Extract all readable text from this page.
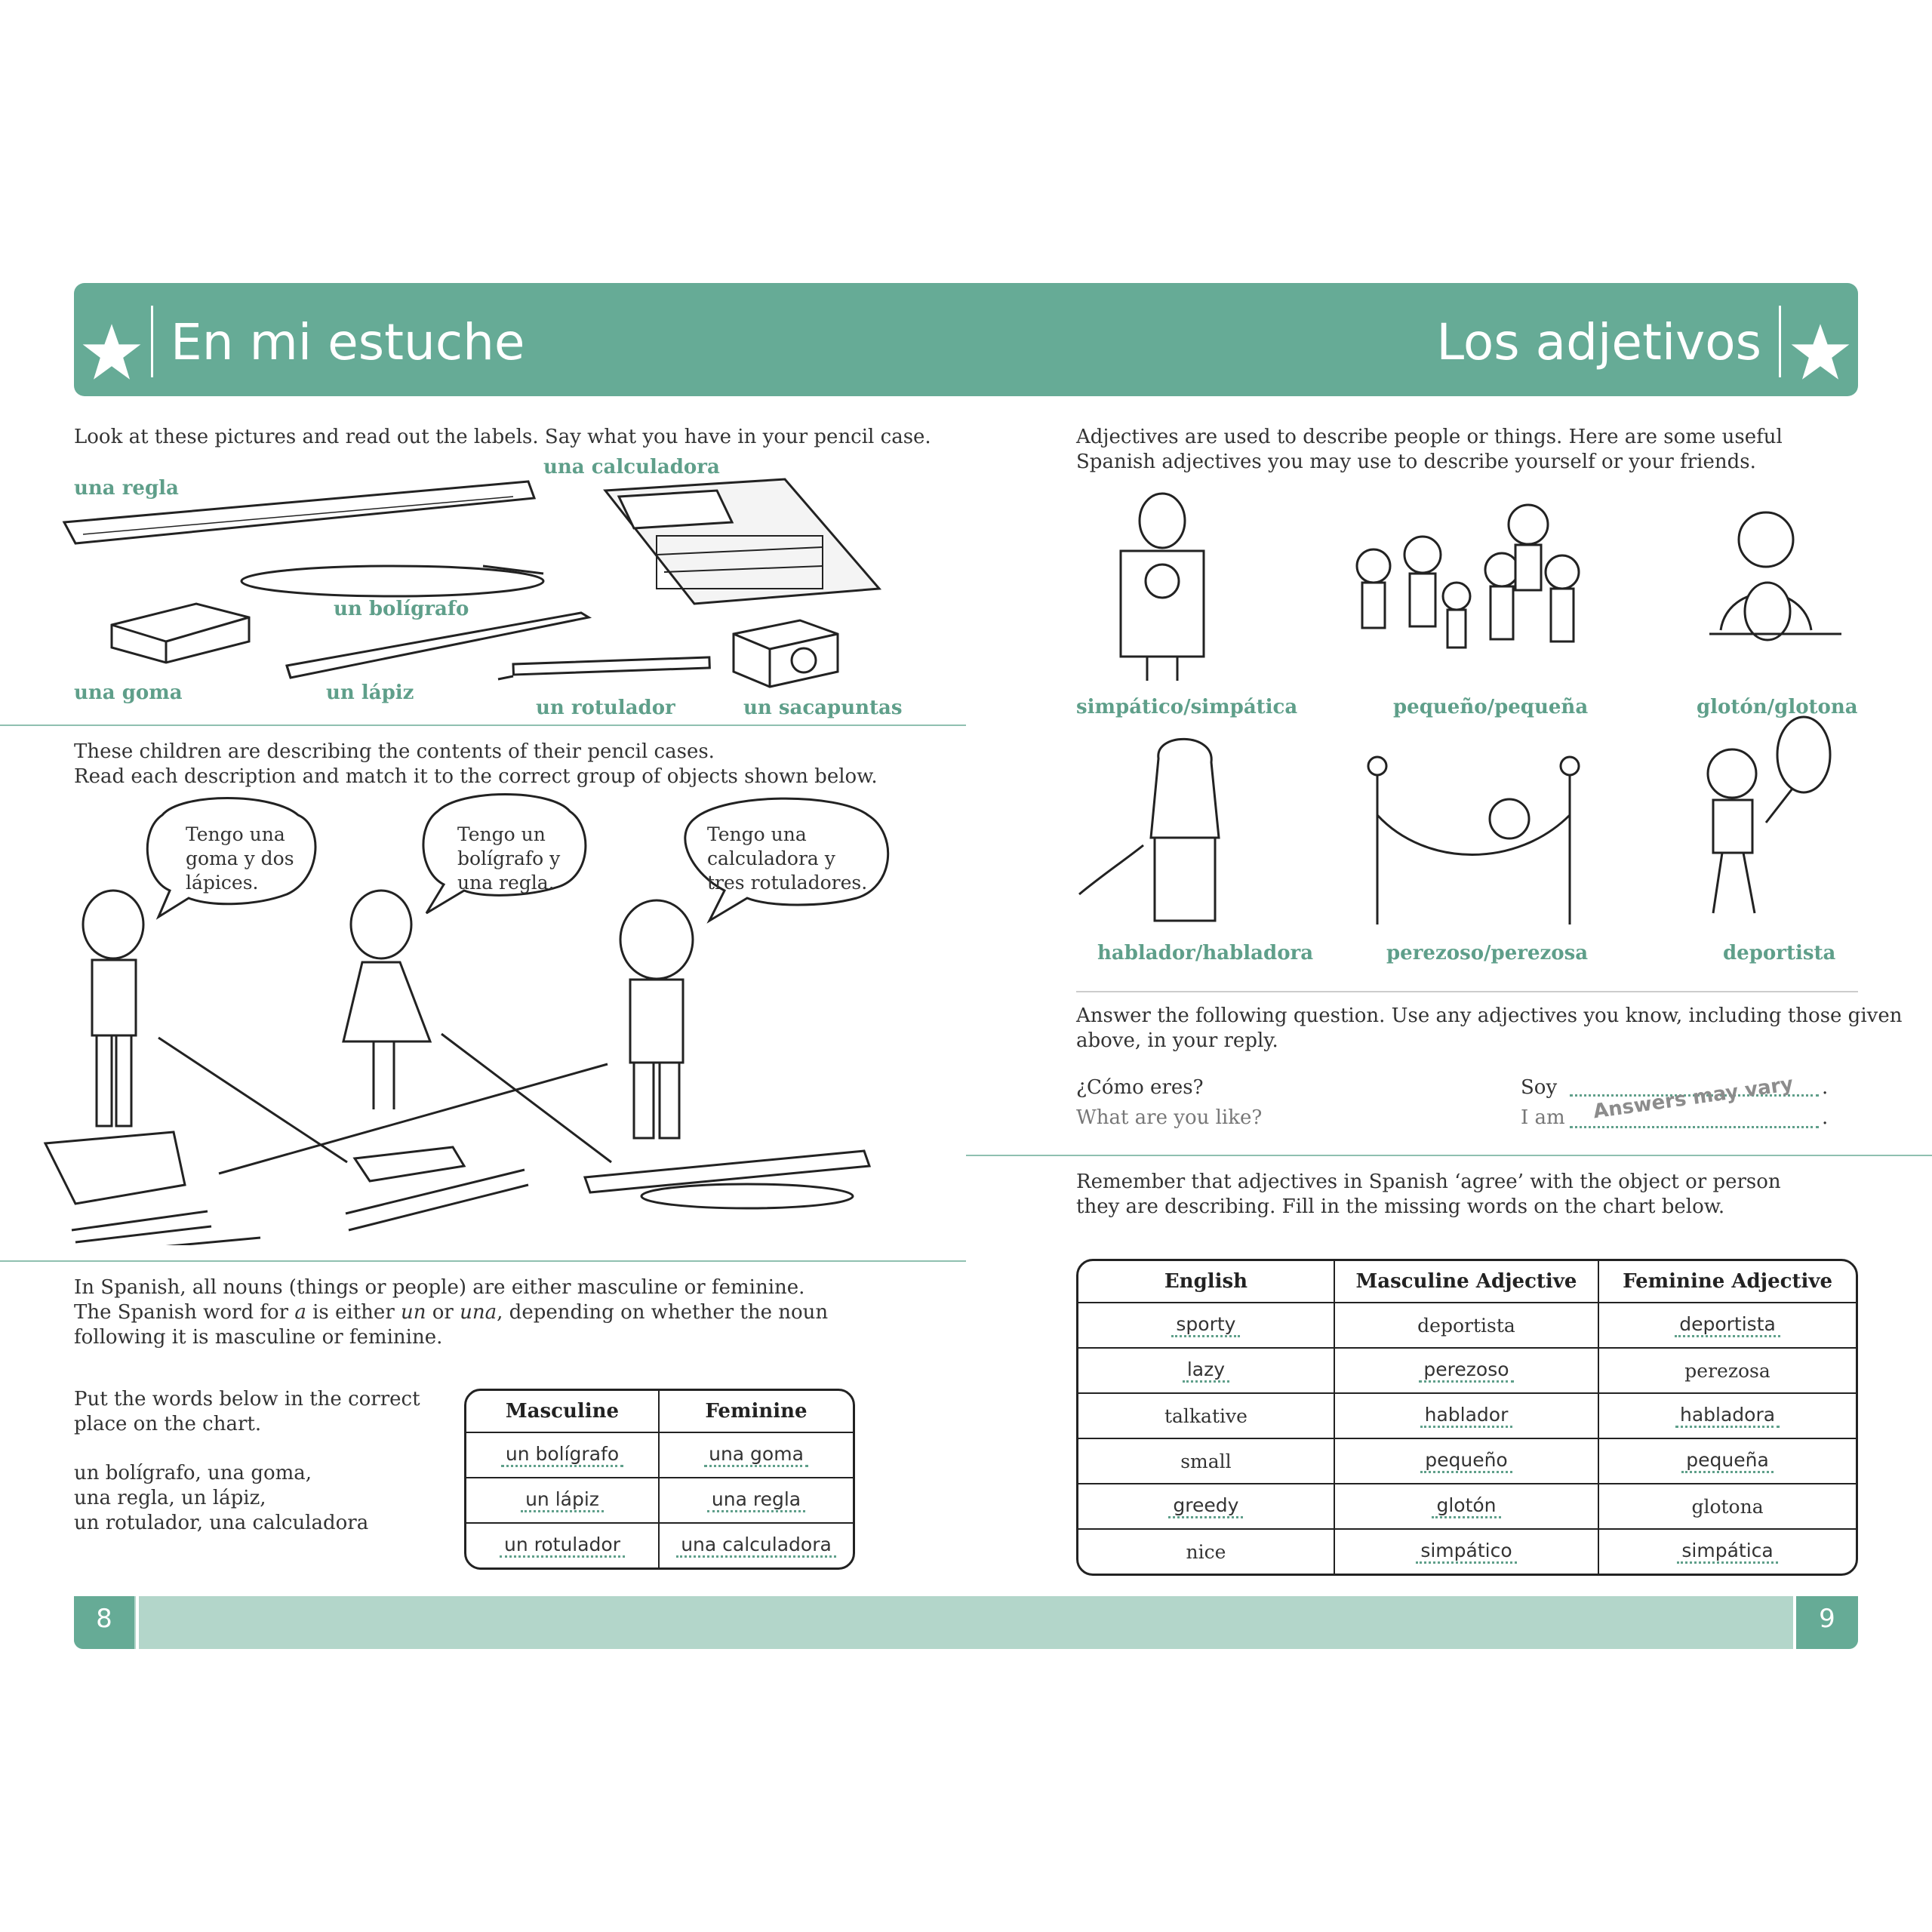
En mi estuche	Los adjetivos
Look at these pictures and read out the labels. Say what you have in your pencil case.
una regla
una calculadora
un bolígrafo
una goma	un lápiz
un rotulador	un sacapuntas
These children are describing the contents of their pencil cases.
Read each description and match it to the correct group of objects shown below.
Tengo una
goma y dos
lápices.
Tengo un
bolígrafo y
una regla.
Tengo una
calculadora y
tres rotuladores.
In Spanish, all nouns (things or people) are either masculine or feminine.
The Spanish word for a is either un or una, depending on whether the noun
following it is masculine or feminine.
Put the words below in the correct
place on the chart.
un bolígrafo, una goma,
una regla, un lápiz,
un rotulador, una calculadora
Masculine	Feminine
un bolígrafo	una goma
un lápiz	una regla
un rotulador	una calculadora
Adjectives are used to describe people or things. Here are some useful
Spanish adjectives you may use to describe yourself or your friends.
simpático/simpática	pequeño/pequeña	glotón/glotona
hablador/habladora	perezoso/perezosa	deportista
Answer the following question. Use any adjectives you know, including those given
above, in your reply.
¿Cómo eres?
What are you like?
Soy	.
I am	.
Answers may vary
Remember that adjectives in Spanish ‘agree’ with the object or person
they are describing. Fill in the missing words on the chart below.
English	Masculine Adjective	Feminine Adjective
sporty	deportista	deportista
lazy	perezoso	perezosa
talkative	hablador	habladora
small	pequeño	pequeña
greedy	glotón	glotona
nice	simpático	simpática
8	9
